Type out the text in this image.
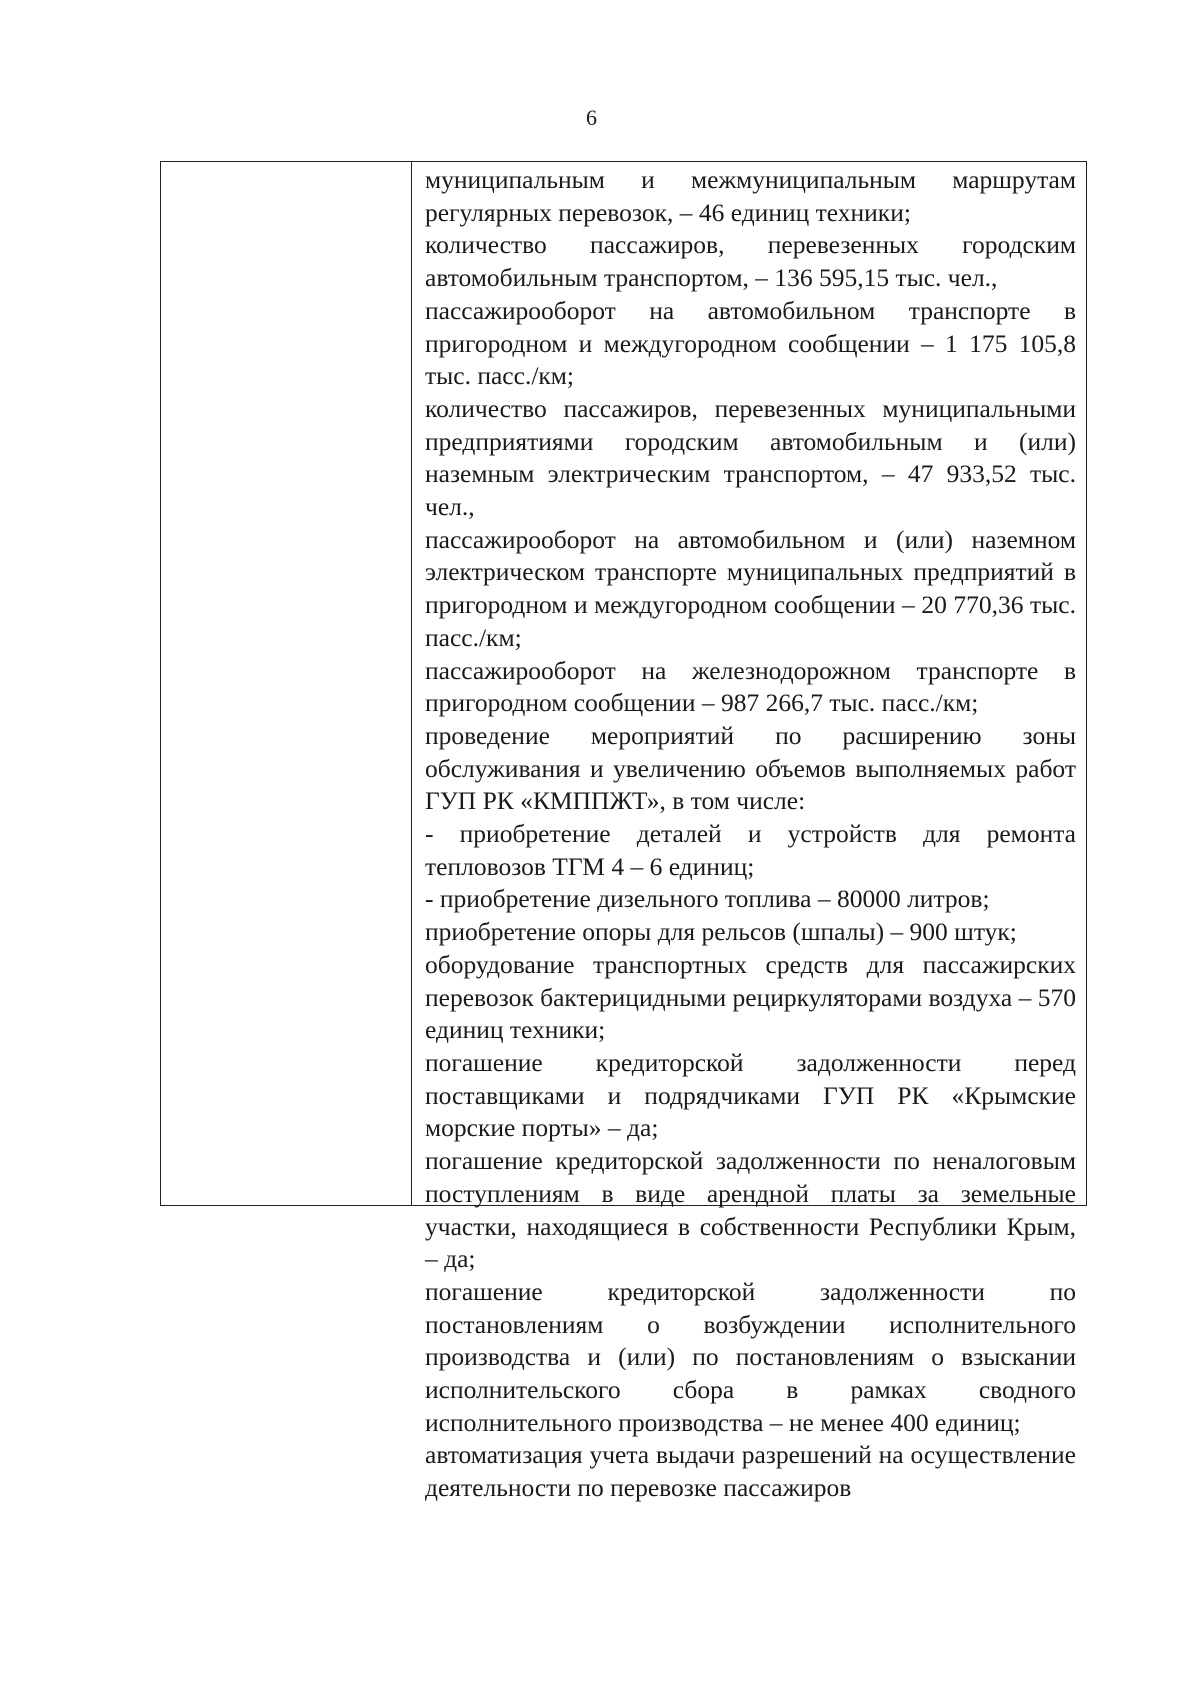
6

муниципальным и межмуниципальным маршрутам регулярных перевозок, – 46 единиц техники;

количество пассажиров, перевезенных городским автомобильным транспортом, – 136 595,15 тыс. чел.,

пассажирооборот на автомобильном транспорте в пригородном и междугородном сообщении – 1 175 105,8 тыс. пасс./км;

количество пассажиров, перевезенных муниципальными предприятиями городским автомобильным и (или) наземным электрическим транспортом, – 47 933,52 тыс. чел.,

пассажирооборот на автомобильном и (или) наземном электрическом транспорте муниципальных предприятий в пригородном и междугородном сообщении – 20 770,36 тыс. пасс./км;

пассажирооборот на железнодорожном транспорте в пригородном сообщении – 987 266,7 тыс. пасс./км;

проведение мероприятий по расширению зоны обслуживания и увеличению объемов выполняемых работ ГУП РК «КМППЖТ», в том числе:

- приобретение деталей и устройств для ремонта тепловозов ТГМ 4 – 6 единиц;

- приобретение дизельного топлива – 80000 литров;

приобретение опоры для рельсов (шпалы) – 900 штук;

оборудование транспортных средств для пассажирских перевозок бактерицидными рециркуляторами воздуха – 570 единиц техники;

погашение кредиторской задолженности перед поставщиками и подрядчиками ГУП РК «Крымские морские порты» – да;

погашение кредиторской задолженности по неналоговым поступлениям в виде арендной платы за земельные участки, находящиеся в собственности Республики Крым, – да;

погашение кредиторской задолженности по постановлениям о возбуждении исполнительного производства и (или) по постановлениям о взыскании исполнительского сбора в рамках сводного исполнительного производства – не менее 400 единиц;

автоматизация учета выдачи разрешений на осуществление деятельности по перевозке пассажиров
